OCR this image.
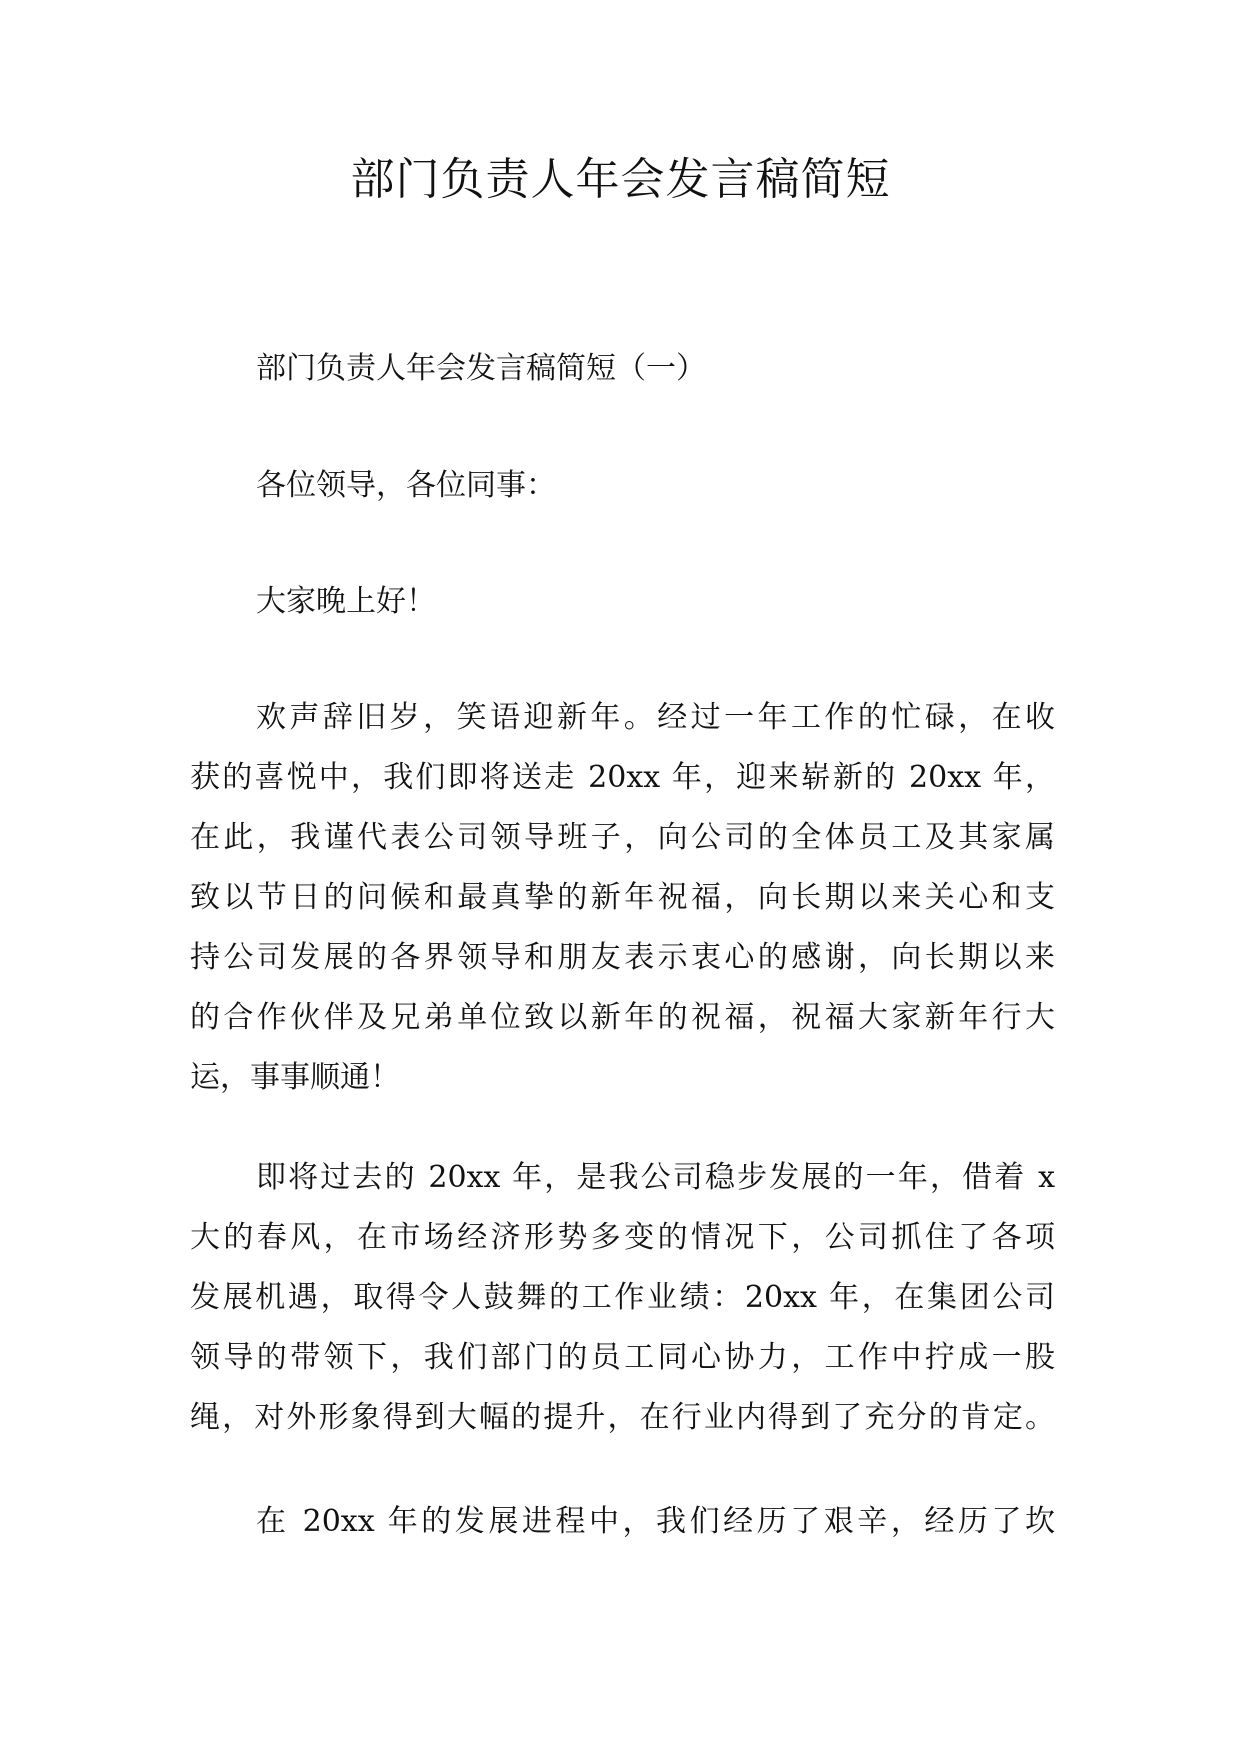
部门负责人年会发言稿简短

部门负责人年会发言稿简短（一）

各位领导，各位同事：

大家晚上好！

欢声辞旧岁，笑语迎新年。经过一年工作的忙碌，在收
获的喜悦中，我们即将送走 20xx 年，迎来崭新的 20xx 年，
在此，我谨代表公司领导班子，向公司的全体员工及其家属
致以节日的问候和最真挚的新年祝福，向长期以来关心和支
持公司发展的各界领导和朋友表示衷心的感谢，向长期以来
的合作伙伴及兄弟单位致以新年的祝福，祝福大家新年行大
运，事事顺通！
即将过去的 20xx 年，是我公司稳步发展的一年，借着 x
大的春风，在市场经济形势多变的情况下，公司抓住了各项
发展机遇，取得令人鼓舞的工作业绩：20xx 年，在集团公司
领导的带领下，我们部门的员工同心协力，工作中拧成一股
绳，对外形象得到大幅的提升，在行业内得到了充分的肯定。
在 20xx 年的发展进程中，我们经历了艰辛，经历了坎
